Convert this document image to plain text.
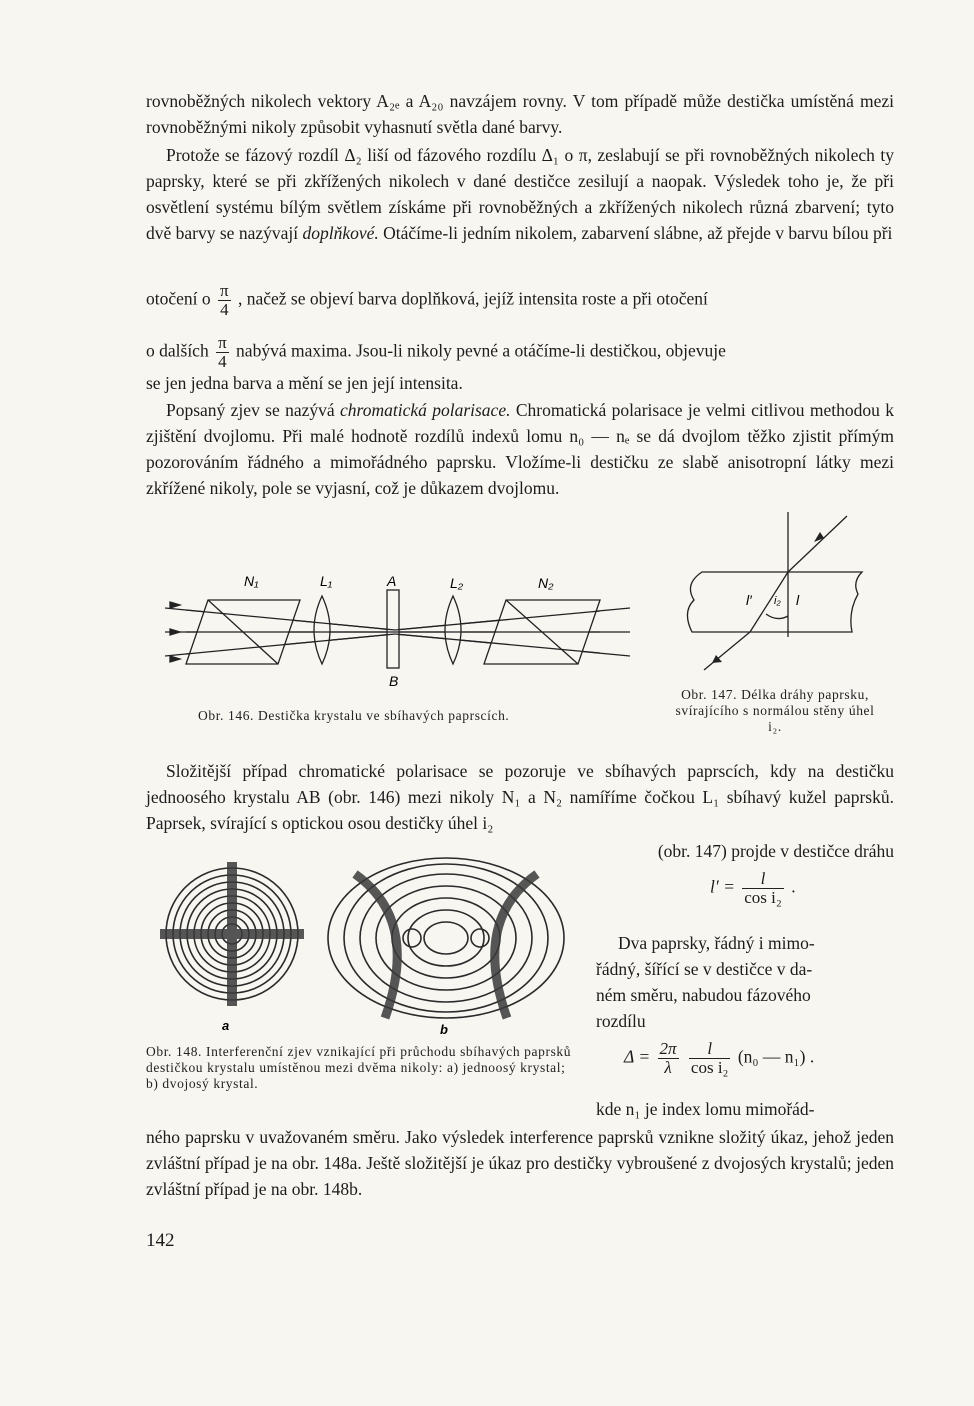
rovnoběžných nikolech vektory A₂ₑ a A₂₀ navzájem rovny. V tom případě může destička umístěná mezi rovnoběžnými nikoly způsobit vyhasnutí světla dané barvy.

Protože se fázový rozdíl Δ₂ liší od fázového rozdílu Δ₁ o π, zeslabují se při rovnoběžných nikolech ty paprsky, které se při zkřížených nikolech v dané destičce zesilují a naopak. Výsledek toho je, že při osvětlení systému bílým světlem získáme při rovnoběžných a zkřížených nikolech různá zbarvení; tyto dvě barvy se nazývají doplňkové. Otáčíme-li jedním nikolem, zabarvení slábne, až přejde v barvu bílou při

otočení o $\frac{\pi}{4}$ , načež se objeví barva doplňková, jejíž intensita roste a při otočení
o dalších $\frac{\pi}{4}$ nabývá maxima. Jsou-li nikoly pevné a otáčíme-li destičkou, objevuje
se jen jedna barva a mění se jen její intensita.

Popsaný zjev se nazývá chromatická polarisace. Chromatická polarisace je velmi citlivou methodou k zjištění dvojlomu. Při malé hodnotě rozdílů indexů lomu n₀ — nₑ se dá dvojlom těžko zjistit přímým pozorováním řádného a mimořádného paprsku. Vložíme-li destičku ze slabě anisotropní látky mezi zkřížené nikoly, pole se vyjasní, což je důkazem dvojlomu.

N₁	L₁	A	L₂	N₂
B
Obr. 146. Destička krystalu ve sbíhavých paprscích.
l′ i₂ l
Obr. 147. Délka dráhy paprsku, svírajícího s normálou stěny úhel i₂.

Složitější případ chromatické polarisace se pozoruje ve sbíhavých paprscích, kdy na destičku jednoosého krystalu AB (obr. 146) mezi nikoly N₁ a N₂ namíříme čočkou L₁ sbíhavý kužel paprsků. Paprsek, svírající s optickou osou destičky úhel i₂

(obr. 147) projde v destičce dráhu
a	b
Obr. 148. Interferenční zjev vznikající při průchodu sbíhavých paprsků destičkou krystalu umístěnou mezi dvěma nikoly: a) jednoosý krystal; b) dvojosý krystal.
$l' = \frac{l}{\text{cos i₂}}$ .
Dva paprsky, řádný i mimo-
řádný, šířící se v destičce v da-
ném směru, nabudou fázového
rozdílu
$\Delta = \frac{2\pi}{\lambda}$
$\frac{l}{\text{cos i₂}} (n_0$ — n₁) .
kde n₁ je index lomu mimořád-

ného paprsku v uvažovaném směru. Jako výsledek interference paprsků vznikne složitý úkaz, jehož jeden zvláštní případ je na obr. 148a. Ještě složitější je úkaz pro destičky vybroušené z dvojosých krystalů; jeden zvláštní případ je na obr. 148b.

142
